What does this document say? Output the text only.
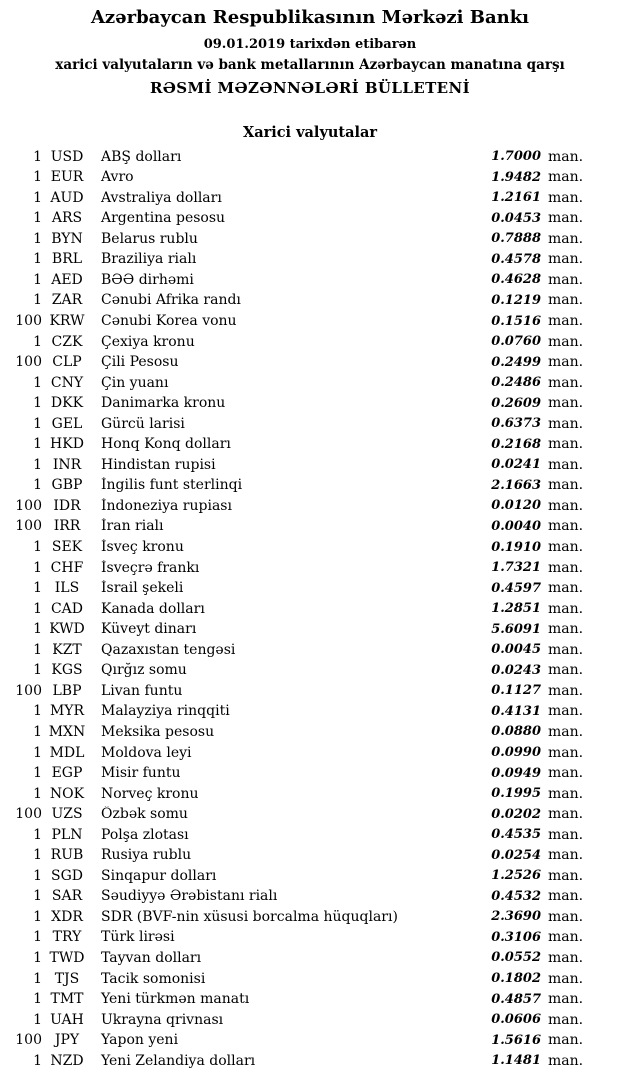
Azərbaycan Respublikasının Mərkəzi Bankı
09.01.2019 tarixdən etibarən
xarici valyutaların və bank metallarının Azərbaycan manatına qarşı
RƏSMİ MƏZƏNNƏLƏRİ BÜLLETENİ
Xarici valyutalar
1 USD	ABŞ dolları	1.7000 man.
1 EUR	Avro	1.9482 man.
1 AUD	Avstraliya dolları	1.2161 man.
1 ARS	Argentina pesosu	0.0453 man.
1 BYN	Belarus rublu	0.7888 man.
1 BRL	Braziliya rialı	0.4578 man.
1 AED	BƏƏ dirhəmi	0.4628 man.
1 ZAR	Cənubi Afrika randı	0.1219 man.
100 KRW	Cənubi Korea vonu	0.1516 man.
1 CZK	Çexiya kronu	0.0760 man.
100 CLP	Çili Pesosu	0.2499 man.
1 CNY	Çin yuanı	0.2486 man.
1 DKK	Danimarka kronu	0.2609 man.
1 GEL	Gürcü larisi	0.6373 man.
1 HKD	Honq Konq dolları	0.2168 man.
1 INR	Hindistan rupisi	0.0241 man.
1 GBP	İngilis funt sterlinqi	2.1663 man.
100 IDR	İndoneziya rupiası	0.0120 man.
100 IRR	İran rialı	0.0040 man.
1 SEK	İsveç kronu	0.1910 man.
1 CHF	İsveçrə frankı	1.7321 man.
1 ILS	İsrail şekeli	0.4597 man.
1 CAD	Kanada dolları	1.2851 man.
1 KWD	Küveyt dinarı	5.6091 man.
1 KZT	Qazaxıstan tengəsi	0.0045 man.
1 KGS	Qırğız somu	0.0243 man.
100 LBP	Livan funtu	0.1127 man.
1 MYR	Malayziya rinqqiti	0.4131 man.
1 MXN	Meksika pesosu	0.0880 man.
1 MDL	Moldova leyi	0.0990 man.
1 EGP	Misir funtu	0.0949 man.
1 NOK	Norveç kronu	0.1995 man.
100 UZS	Özbək somu	0.0202 man.
1 PLN	Polşa zlotası	0.4535 man.
1 RUB	Rusiya rublu	0.0254 man.
1 SGD	Sinqapur dolları	1.2526 man.
1 SAR	Səudiyyə Ərəbistanı rialı	0.4532 man.
1 XDR	SDR (BVF-nin xüsusi borcalma hüquqları)	2.3690 man.
1 TRY	Türk lirəsi	0.3106 man.
1 TWD	Tayvan dolları	0.0552 man.
1 TJS	Tacik somonisi	0.1802 man.
1 TMT	Yeni türkmən manatı	0.4857 man.
1 UAH	Ukrayna qrivnası	0.0606 man.
100 JPY	Yapon yeni	1.5616 man.
1 NZD	Yeni Zelandiya dolları	1.1481 man.
